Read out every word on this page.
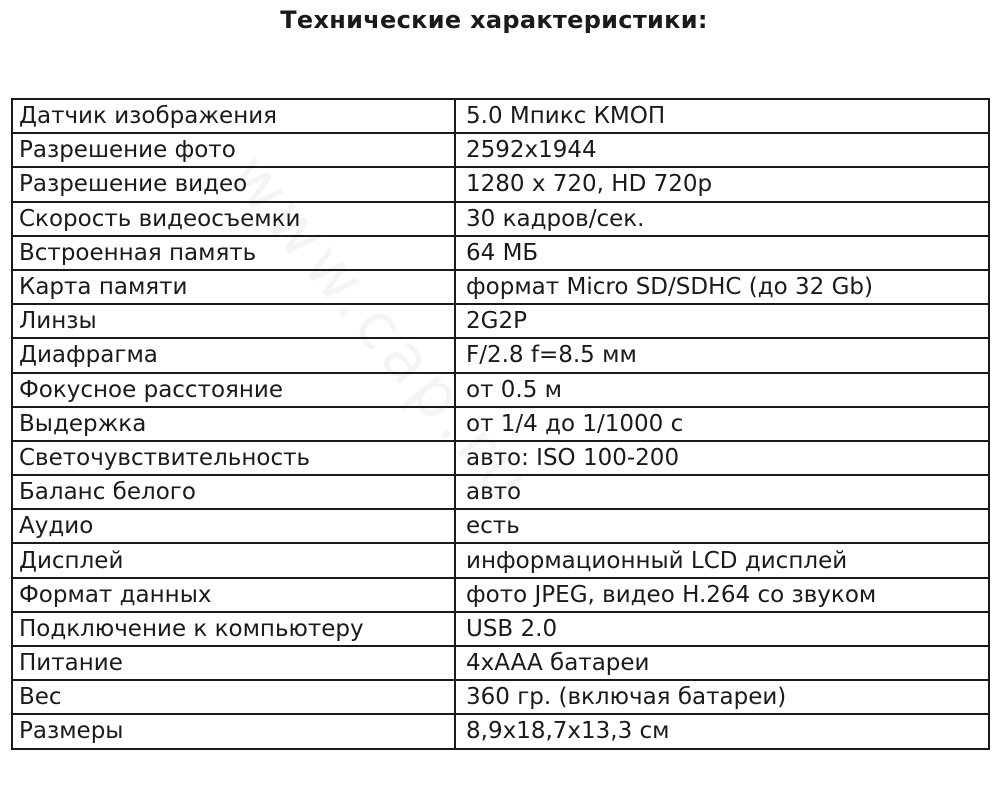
Технические характеристики:
Датчик изображения	5.0 Мпикс КМОП
Разрешение фото	2592x1944
Разрешение видео	1280 x 720, HD 720p
Скорость видеосъемки	30 кадров/сек.
Встроенная память	64 МБ
Карта памяти	формат Micro SD/SDHC (до 32 Gb)
Линзы	2G2P
Диафрагма	F/2.8 f=8.5 мм
Фокусное расстояние	от 0.5 м
Выдержка	от 1/4 до 1/1000 с
Светочувствительность	авто: ISO 100-200
Баланс белого	авто
Аудио	есть
Дисплей	информационный LCD дисплей
Формат данных	фото JPEG, видео H.264 со звуком
Подключение к компьютеру	USB 2.0
Питание	4xAAA батареи
Вес	360 гр. (включая батареи)
Размеры	8,9x18,7x13,3 см
